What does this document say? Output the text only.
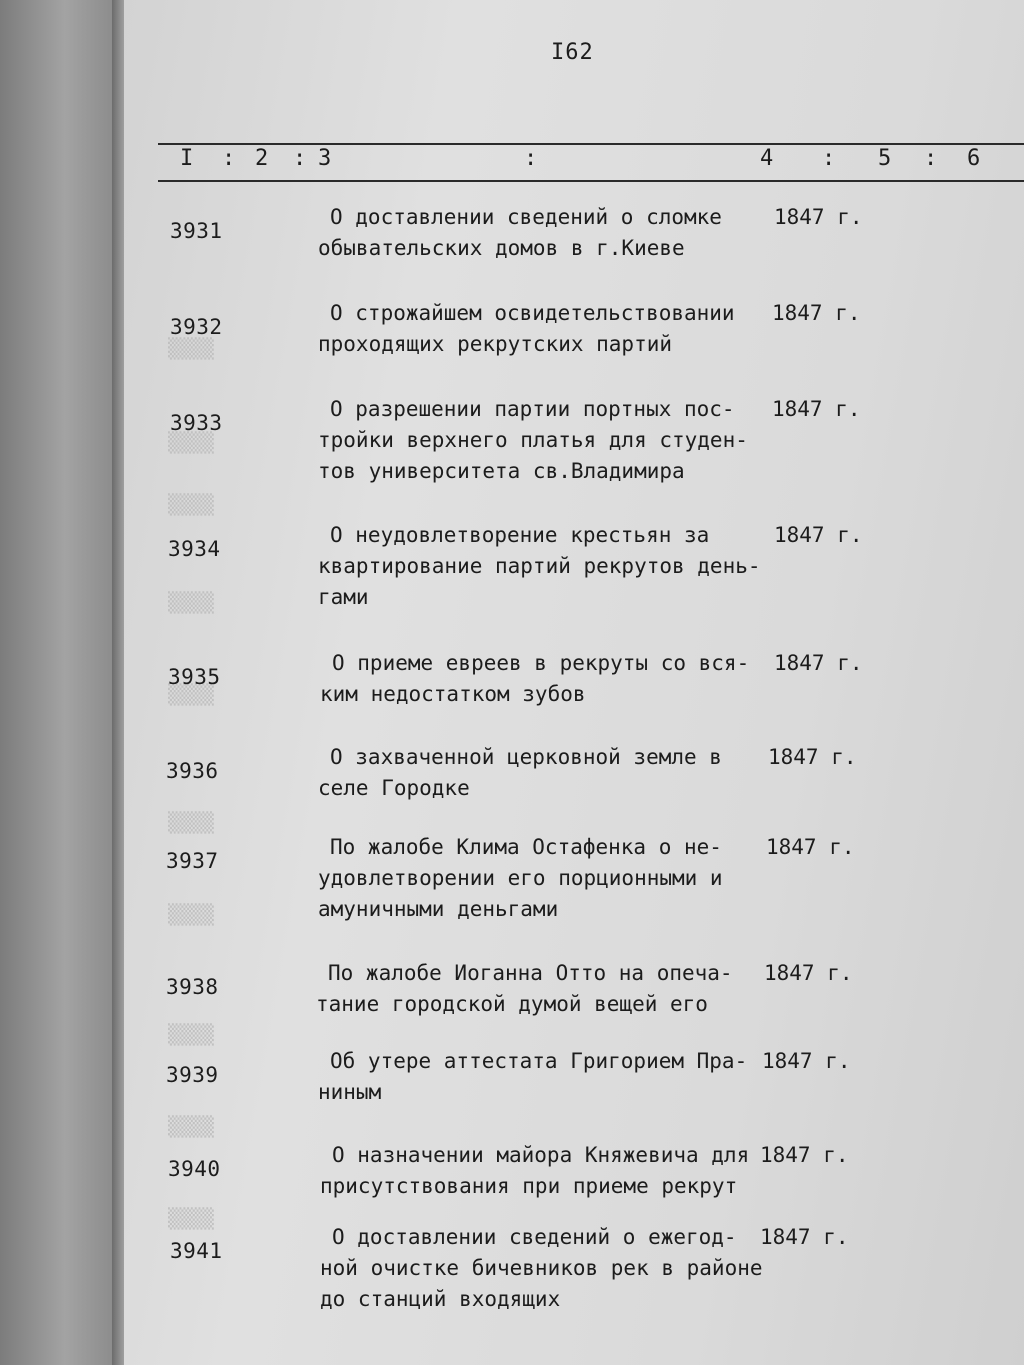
▒▒▒▒
▒▒▒▒
▒▒▒▒
▒▒▒▒
▒▒▒▒
▒▒▒▒
▒▒▒▒
▒▒▒▒
▒▒▒▒
▒▒▒▒
I62
I : 2 : 3	:	4 : 5 : 6
3931
О доставлении сведений о сломке
обывательских домов в г.Киеве
1847 г.
3932
О строжайшем освидетельствовании
проходящих рекрутских партий
1847 г.
3933
О разрешении партии портных пос-
тройки верхнего платья для студен-
тов университета св.Владимира
1847 г.
3934
О неудовлетворение крестьян за
квартирование партий рекрутов день-
гами
1847 г.
3935
О приеме евреев в рекруты со вся-
ким недостатком зубов
1847 г.
3936
О захваченной церковной земле в
селе Городке
1847 г.
3937
По жалобе Клима Остафенка о не-
удовлетворении его порционными и
амуничными деньгами
1847 г.
3938
По жалобе Иоганна Отто на опеча-
тание городской думой вещей его
1847 г.
3939
Об утере аттестата Григорием Пра-
ниным
1847 г.
3940
О назначении майора Княжевича для
присутствования при приеме рекрут
1847 г.
3941
О доставлении сведений о ежегод-
ной очистке бичевников рек в районе
до станций входящих
1847 г.
